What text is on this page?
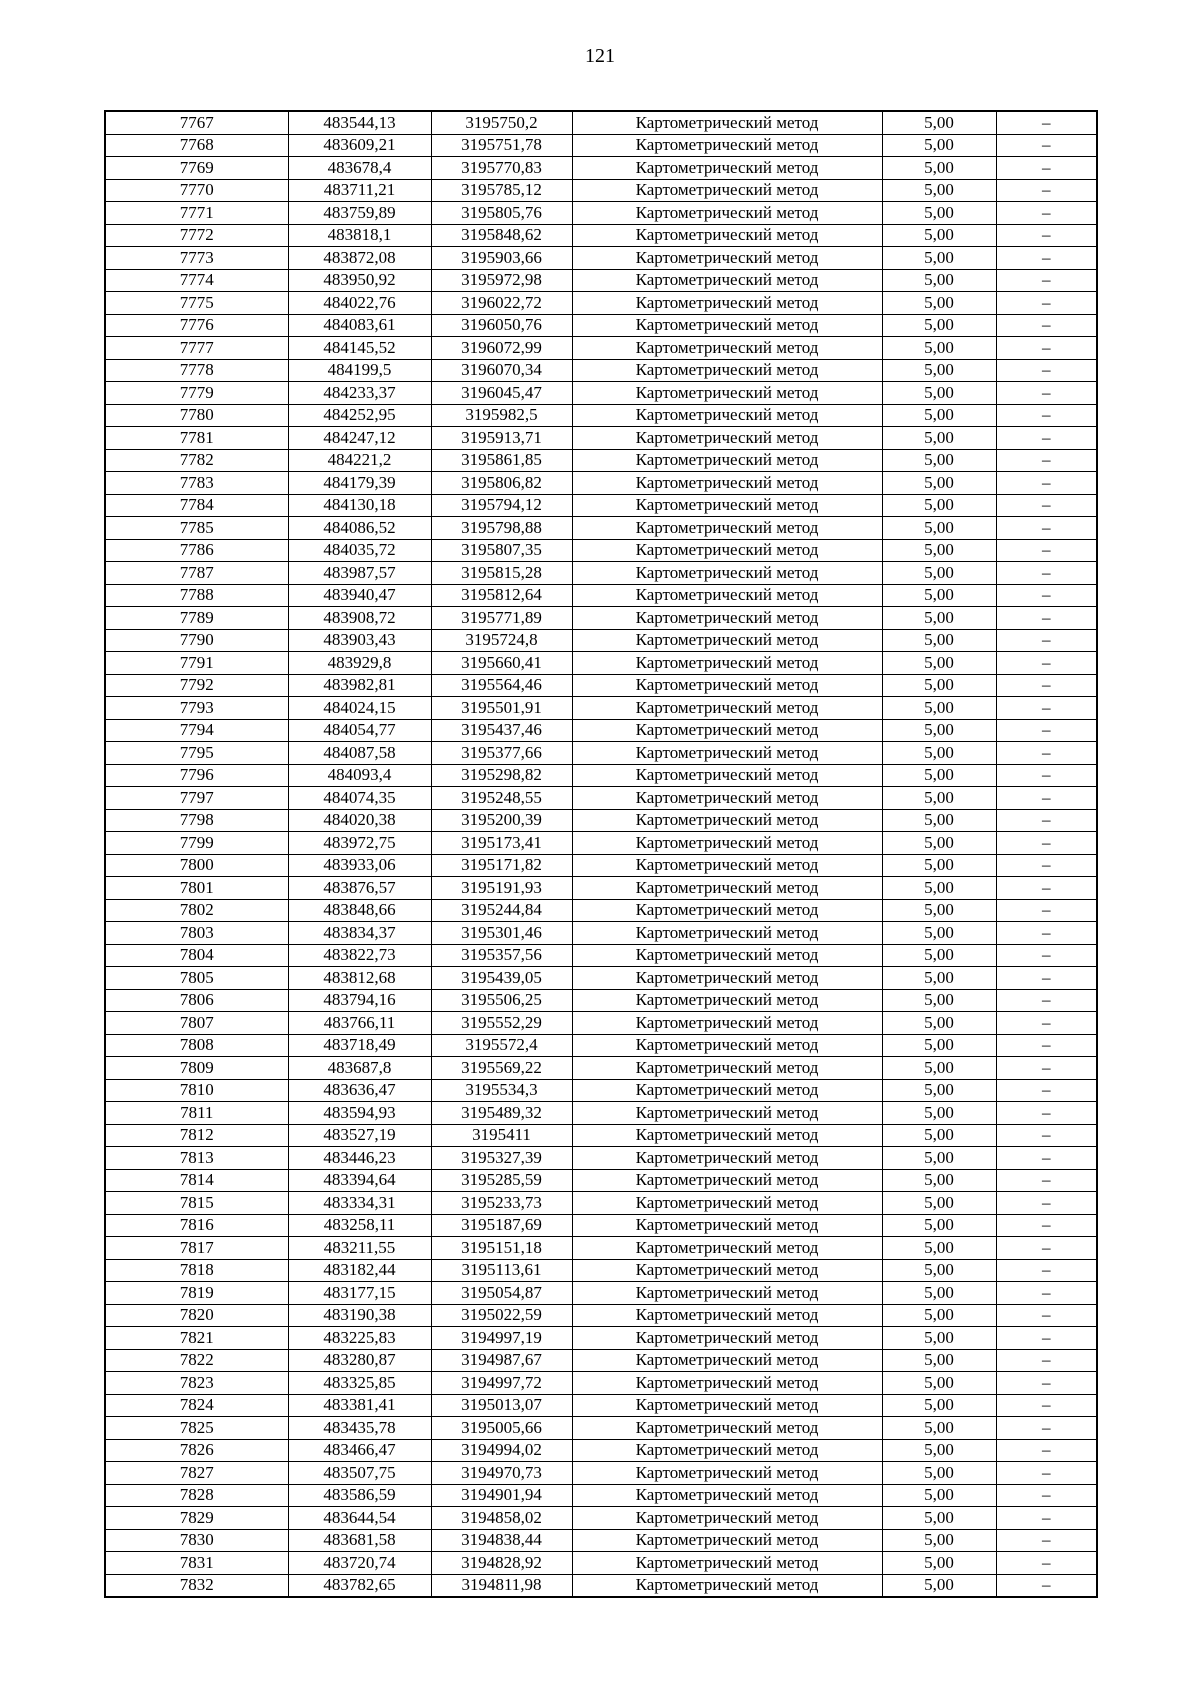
121
7767	483544,13	3195750,2	Картометрический метод	5,00	–
7768	483609,21	3195751,78	Картометрический метод	5,00	–
7769	483678,4	3195770,83	Картометрический метод	5,00	–
7770	483711,21	3195785,12	Картометрический метод	5,00	–
7771	483759,89	3195805,76	Картометрический метод	5,00	–
7772	483818,1	3195848,62	Картометрический метод	5,00	–
7773	483872,08	3195903,66	Картометрический метод	5,00	–
7774	483950,92	3195972,98	Картометрический метод	5,00	–
7775	484022,76	3196022,72	Картометрический метод	5,00	–
7776	484083,61	3196050,76	Картометрический метод	5,00	–
7777	484145,52	3196072,99	Картометрический метод	5,00	–
7778	484199,5	3196070,34	Картометрический метод	5,00	–
7779	484233,37	3196045,47	Картометрический метод	5,00	–
7780	484252,95	3195982,5	Картометрический метод	5,00	–
7781	484247,12	3195913,71	Картометрический метод	5,00	–
7782	484221,2	3195861,85	Картометрический метод	5,00	–
7783	484179,39	3195806,82	Картометрический метод	5,00	–
7784	484130,18	3195794,12	Картометрический метод	5,00	–
7785	484086,52	3195798,88	Картометрический метод	5,00	–
7786	484035,72	3195807,35	Картометрический метод	5,00	–
7787	483987,57	3195815,28	Картометрический метод	5,00	–
7788	483940,47	3195812,64	Картометрический метод	5,00	–
7789	483908,72	3195771,89	Картометрический метод	5,00	–
7790	483903,43	3195724,8	Картометрический метод	5,00	–
7791	483929,8	3195660,41	Картометрический метод	5,00	–
7792	483982,81	3195564,46	Картометрический метод	5,00	–
7793	484024,15	3195501,91	Картометрический метод	5,00	–
7794	484054,77	3195437,46	Картометрический метод	5,00	–
7795	484087,58	3195377,66	Картометрический метод	5,00	–
7796	484093,4	3195298,82	Картометрический метод	5,00	–
7797	484074,35	3195248,55	Картометрический метод	5,00	–
7798	484020,38	3195200,39	Картометрический метод	5,00	–
7799	483972,75	3195173,41	Картометрический метод	5,00	–
7800	483933,06	3195171,82	Картометрический метод	5,00	–
7801	483876,57	3195191,93	Картометрический метод	5,00	–
7802	483848,66	3195244,84	Картометрический метод	5,00	–
7803	483834,37	3195301,46	Картометрический метод	5,00	–
7804	483822,73	3195357,56	Картометрический метод	5,00	–
7805	483812,68	3195439,05	Картометрический метод	5,00	–
7806	483794,16	3195506,25	Картометрический метод	5,00	–
7807	483766,11	3195552,29	Картометрический метод	5,00	–
7808	483718,49	3195572,4	Картометрический метод	5,00	–
7809	483687,8	3195569,22	Картометрический метод	5,00	–
7810	483636,47	3195534,3	Картометрический метод	5,00	–
7811	483594,93	3195489,32	Картометрический метод	5,00	–
7812	483527,19	3195411	Картометрический метод	5,00	–
7813	483446,23	3195327,39	Картометрический метод	5,00	–
7814	483394,64	3195285,59	Картометрический метод	5,00	–
7815	483334,31	3195233,73	Картометрический метод	5,00	–
7816	483258,11	3195187,69	Картометрический метод	5,00	–
7817	483211,55	3195151,18	Картометрический метод	5,00	–
7818	483182,44	3195113,61	Картометрический метод	5,00	–
7819	483177,15	3195054,87	Картометрический метод	5,00	–
7820	483190,38	3195022,59	Картометрический метод	5,00	–
7821	483225,83	3194997,19	Картометрический метод	5,00	–
7822	483280,87	3194987,67	Картометрический метод	5,00	–
7823	483325,85	3194997,72	Картометрический метод	5,00	–
7824	483381,41	3195013,07	Картометрический метод	5,00	–
7825	483435,78	3195005,66	Картометрический метод	5,00	–
7826	483466,47	3194994,02	Картометрический метод	5,00	–
7827	483507,75	3194970,73	Картометрический метод	5,00	–
7828	483586,59	3194901,94	Картометрический метод	5,00	–
7829	483644,54	3194858,02	Картометрический метод	5,00	–
7830	483681,58	3194838,44	Картометрический метод	5,00	–
7831	483720,74	3194828,92	Картометрический метод	5,00	–
7832	483782,65	3194811,98	Картометрический метод	5,00	–
